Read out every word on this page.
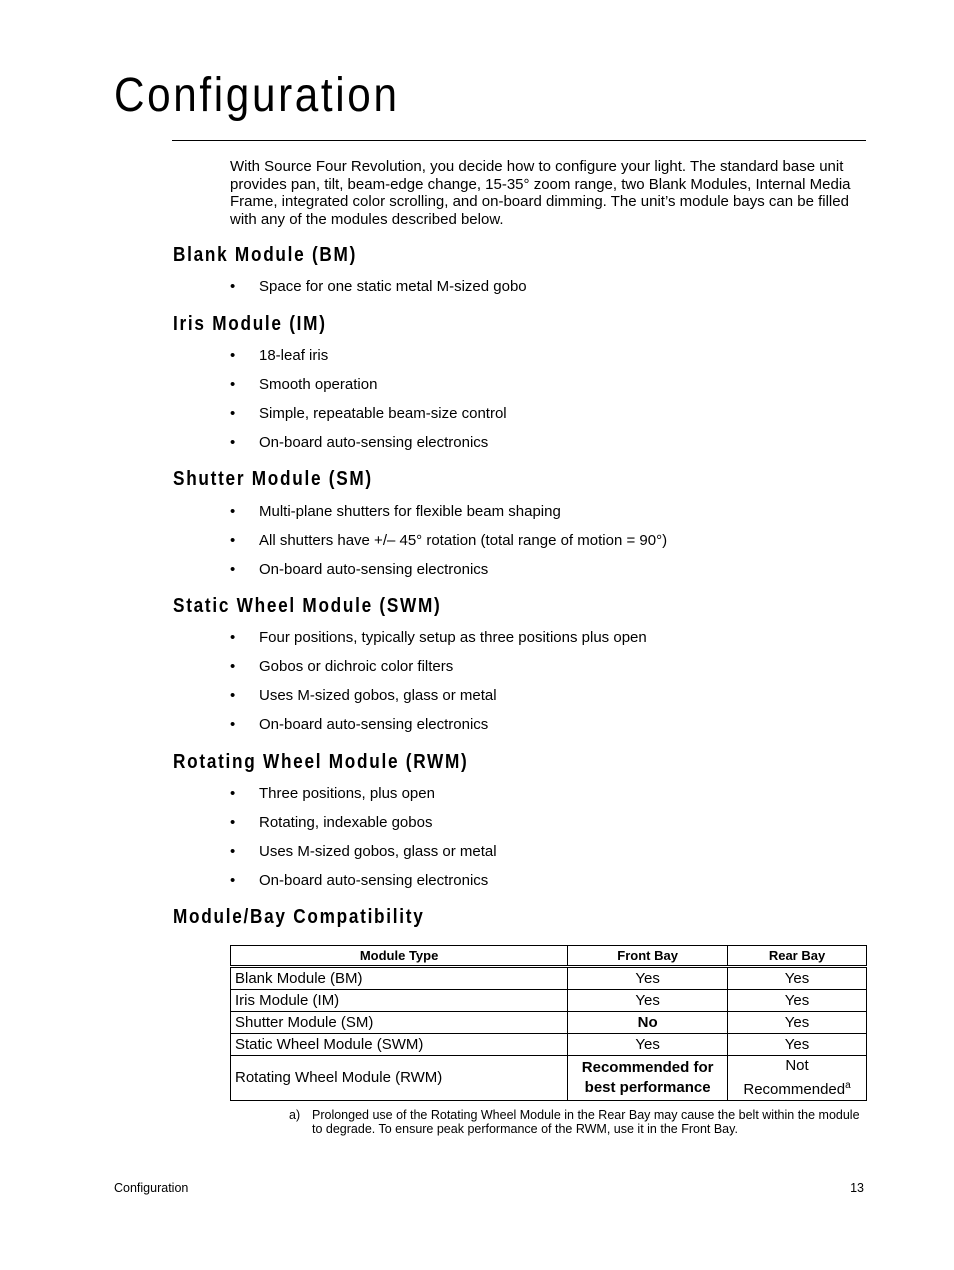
Configuration

With Source Four Revolution, you decide how to configure your light. The standard base unit provides pan, tilt, beam-edge change, 15-35° zoom range, two Blank Modules, Internal Media Frame, integrated color scrolling, and on-board dimming. The unit’s module bays can be filled with any of the modules described below.

Blank Module (BM)
• Space for one static metal M-sized gobo
Iris Module (IM)
• 18-leaf iris
• Smooth operation
• Simple, repeatable beam-size control
• On-board auto-sensing electronics
Shutter Module (SM)
• Multi-plane shutters for flexible beam shaping
• All shutters have +/– 45° rotation (total range of motion = 90°)
• On-board auto-sensing electronics
Static Wheel Module (SWM)
• Four positions, typically setup as three positions plus open
• Gobos or dichroic color filters
• Uses M-sized gobos, glass or metal
• On-board auto-sensing electronics
Rotating Wheel Module (RWM)
• Three positions, plus open
• Rotating, indexable gobos
• Uses M-sized gobos, glass or metal
• On-board auto-sensing electronics
Module/Bay Compatibility
Module Type	Front Bay	Rear Bay
Blank Module (BM)	Yes	Yes
Iris Module (IM)	Yes	Yes
Shutter Module (SM)	No	Yes
Static Wheel Module (SWM)	Yes	Yes
Rotating Wheel Module (RWM)	Recommended for best performance	Not Recommended$^a$
a) Prolonged use of the Rotating Wheel Module in the Rear Bay may cause the belt within the module to degrade. To ensure peak performance of the RWM, use it in the Front Bay.
Configuration	13
